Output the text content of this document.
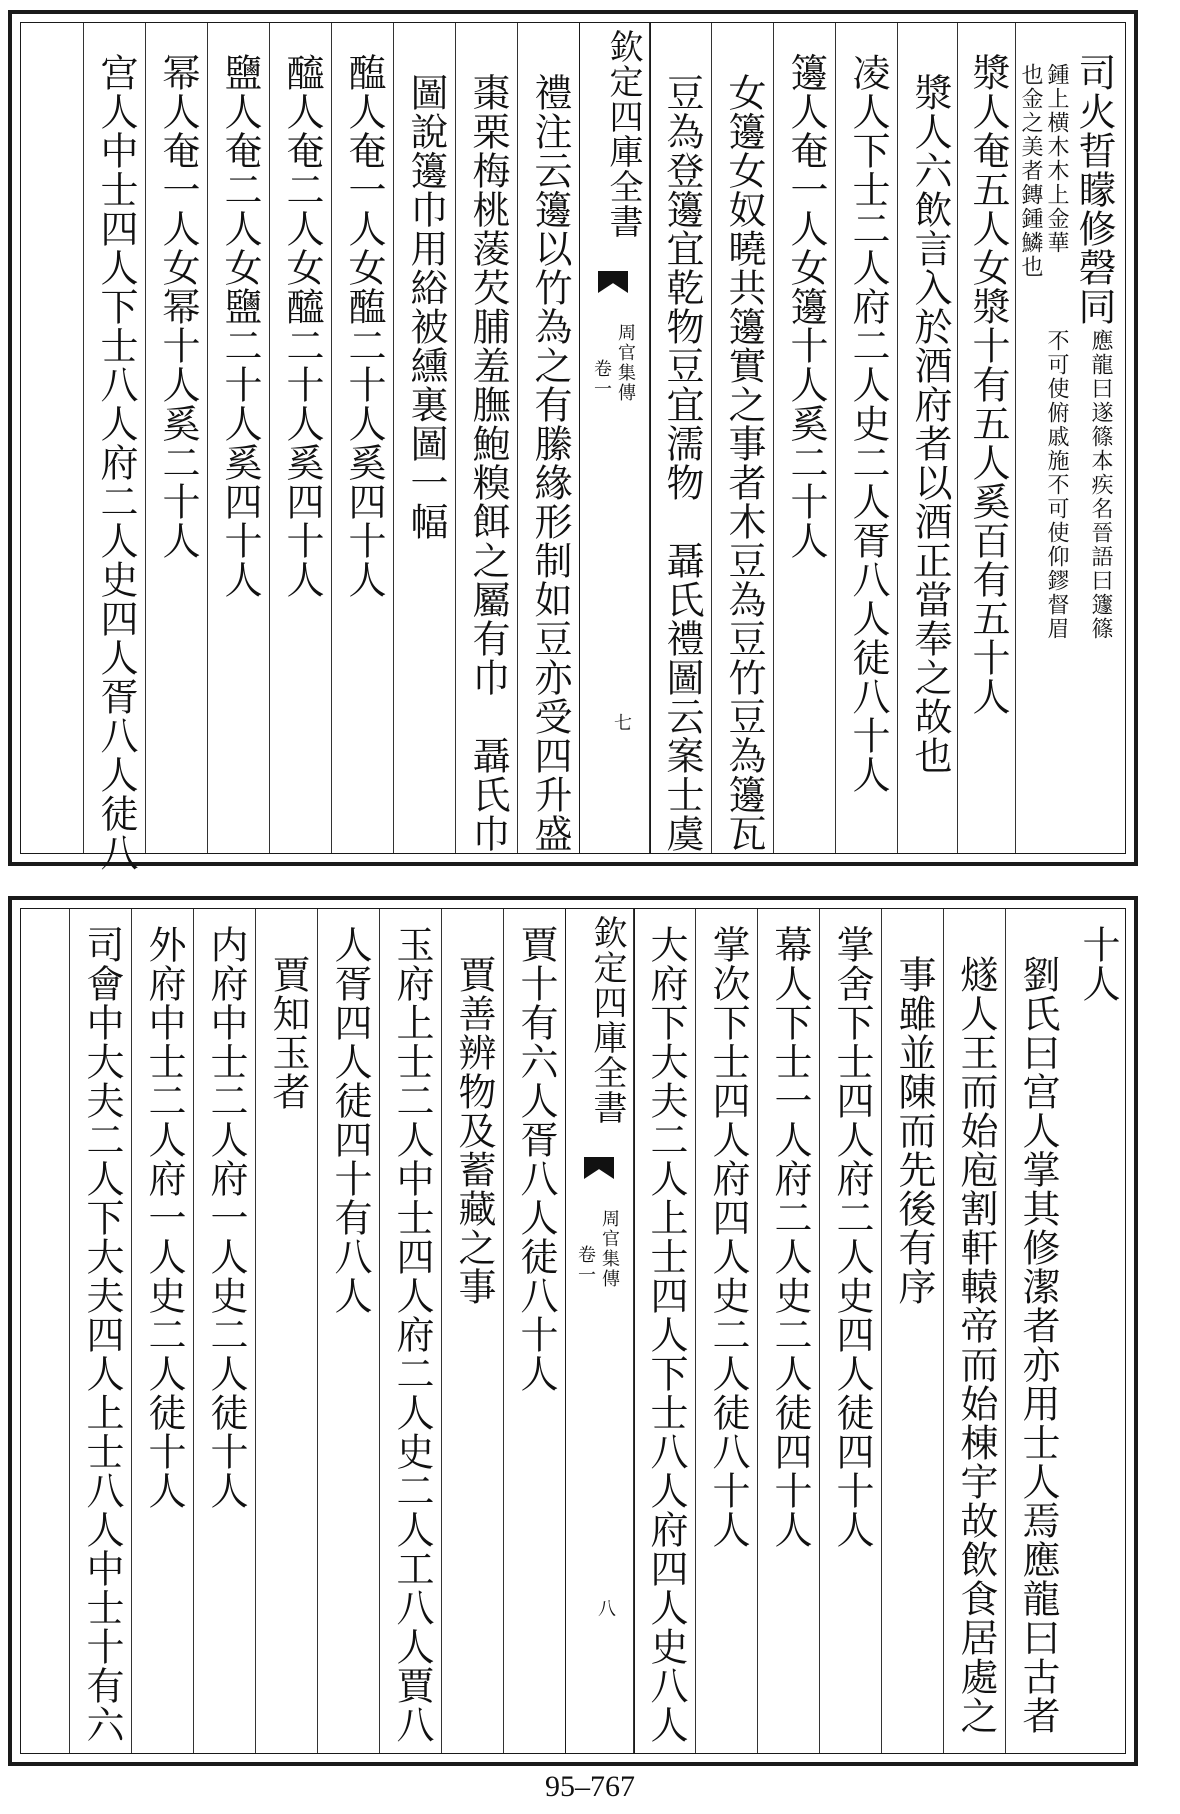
司火晢矇修磬同
應龍曰遂篠本疾名晉語曰籧篠
不可使俯戚施不可使仰鏐督眉
也金之美者鏄鍾鱗也 鍾上横木木上金華
漿人奄五人女漿十有五人奚百有五十人
漿人六飲言入於酒府者以酒正當奉之故也
凌人下士二人府二人史二人胥八人徒八十人
籩人奄一人女籩十人奚二十人
女籩女奴曉共籩實之事者木豆為豆竹豆為籩瓦
豆為登籩宜乾物豆宜濡物　聶氏禮圖云案士虞
欽定四庫全書
周官集傳
卷一
七
禮注云籩以竹為之有縢緣形制如豆亦受四升盛
棗栗梅桃蔆芡脯羞膴鮑糗餌之屬有巾　聶氏巾
圖說籩巾用綌被纁裏圖一幅
醢人奄一人女醢二十人奚四十人
醯人奄二人女醯二十人奚四十人
鹽人奄二人女鹽二十人奚四十人
幂人奄一人女幂十人奚二十人
宫人中士四人下士八人府二人史四人胥八人徒八
十人
劉氏曰宫人掌其修潔者亦用士人焉應龍曰古者
燧人王而始庖割軒轅帝而始棟宇故飲食居處之
事雖並陳而先後有序
掌舍下士四人府二人史四人徒四十人
幕人下士一人府二人史二人徒四十人
掌次下士四人府四人史二人徒八十人
大府下大夫二人上士四人下士八人府四人史八人
欽定四庫全書
周官集傳
卷一
八
賈十有六人胥八人徒八十人
賈善辨物及蓄藏之事
玉府上士二人中士四人府二人史二人工八人賈八
人胥四人徒四十有八人
賈知玉者
内府中士二人府一人史二人徒十人
外府中士二人府一人史二人徒十人
司會中大夫二人下大夫四人上士八人中士十有六
95–767
